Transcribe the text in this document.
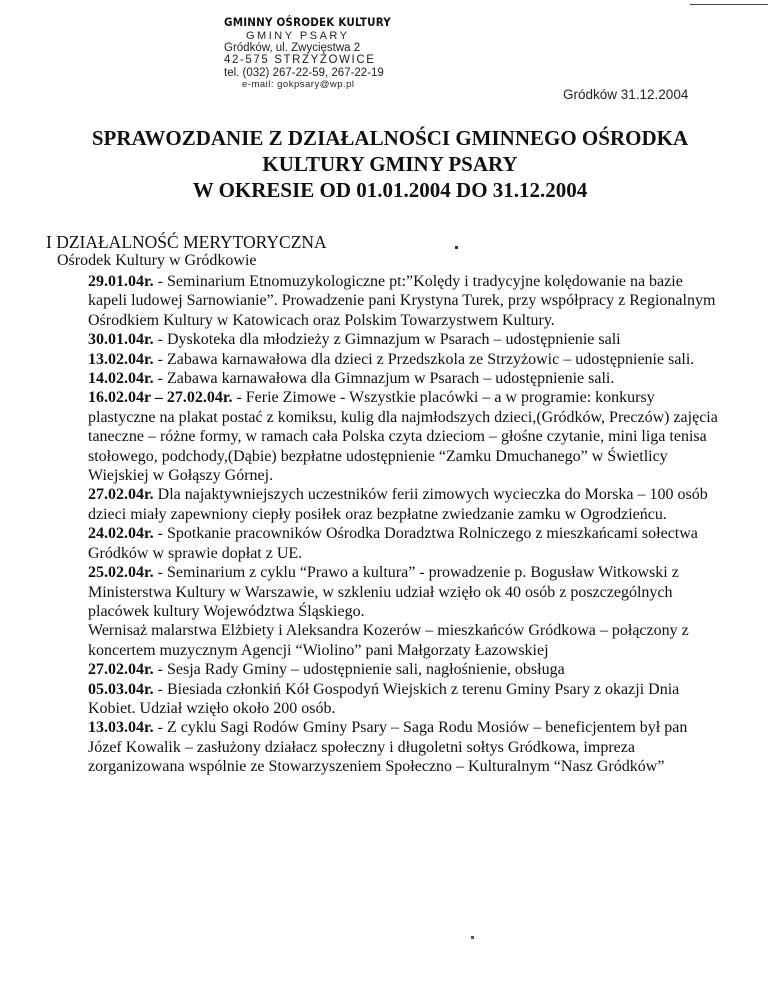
GMINNY OŚRODEK KULTURY
GMINY PSARY
Gródków, ul. Zwycięstwa 2
42-575 STRZYŻOWICE
tel. (032) 267-22-59, 267-22-19
e-mail: gokpsary@wp.pl
Gródków 31.12.2004
SPRAWOZDANIE Z DZIAŁALNOŚCI GMINNEGO OŚRODKA
KULTURY GMINY PSARY
W OKRESIE OD 01.01.2004 DO 31.12.2004
I DZIAŁALNOŚĆ MERYTORYCZNA
Ośrodek Kultury w Gródkowie

29.01.04r. - Seminarium Etnomuzykologiczne pt:”Kolędy i tradycyjne kolędowanie na bazie kapeli ludowej Sarnowianie”. Prowadzenie pani Krystyna Turek, przy współpracy z Regionalnym Ośrodkiem Kultury w Katowicach oraz Polskim Towarzystwem Kultury.

30.01.04r. - Dyskoteka dla młodzieży z Gimnazjum w Psarach – udostępnienie sali

13.02.04r. - Zabawa karnawałowa dla dzieci z Przedszkola ze Strzyżowic – udostępnienie sali.

14.02.04r. - Zabawa karnawałowa dla Gimnazjum w Psarach – udostępnienie sali.

16.02.04r – 27.02.04r. - Ferie Zimowe - Wszystkie placówki – a w programie: konkursy plastyczne na plakat postać z komiksu, kulig dla najmłodszych dzieci,(Gródków, Preczów) zajęcia taneczne – różne formy, w ramach cała Polska czyta dzieciom – głośne czytanie, mini liga tenisa stołowego, podchody,(Dąbie) bezpłatne udostępnienie “Zamku Dmuchanego” w Świetlicy Wiejskiej w Gołąszy Górnej.

27.02.04r. Dla najaktywniejszych uczestników ferii zimowych wycieczka do Morska – 100 osób dzieci miały zapewniony ciepły posiłek oraz bezpłatne zwiedzanie zamku w Ogrodzieńcu.

24.02.04r. - Spotkanie pracowników Ośrodka Doradztwa Rolniczego z mieszkańcami sołectwa Gródków w sprawie dopłat z UE.

25.02.04r. - Seminarium z cyklu “Prawo a kultura” - prowadzenie p. Bogusław Witkowski z Ministerstwa Kultury w Warszawie, w szkleniu udział wzięło ok 40 osób z poszczególnych placówek kultury Województwa Śląskiego.

Wernisaż malarstwa Elżbiety i Aleksandra Kozerów – mieszkańców Gródkowa – połączony z koncertem muzycznym Agencji “Wiolino” pani Małgorzaty Łazowskiej

27.02.04r. - Sesja Rady Gminy – udostępnienie sali, nagłośnienie, obsługa

05.03.04r. - Biesiada członkiń Kół Gospodyń Wiejskich z terenu Gminy Psary z okazji Dnia Kobiet. Udział wzięło około 200 osób.

13.03.04r. - Z cyklu Sagi Rodów Gminy Psary – Saga Rodu Mosiów – beneficjentem był pan Józef Kowalik – zasłużony działacz społeczny i długoletni sołtys Gródkowa, impreza zorganizowana wspólnie ze Stowarzyszeniem Społeczno – Kulturalnym “Nasz Gródków”
